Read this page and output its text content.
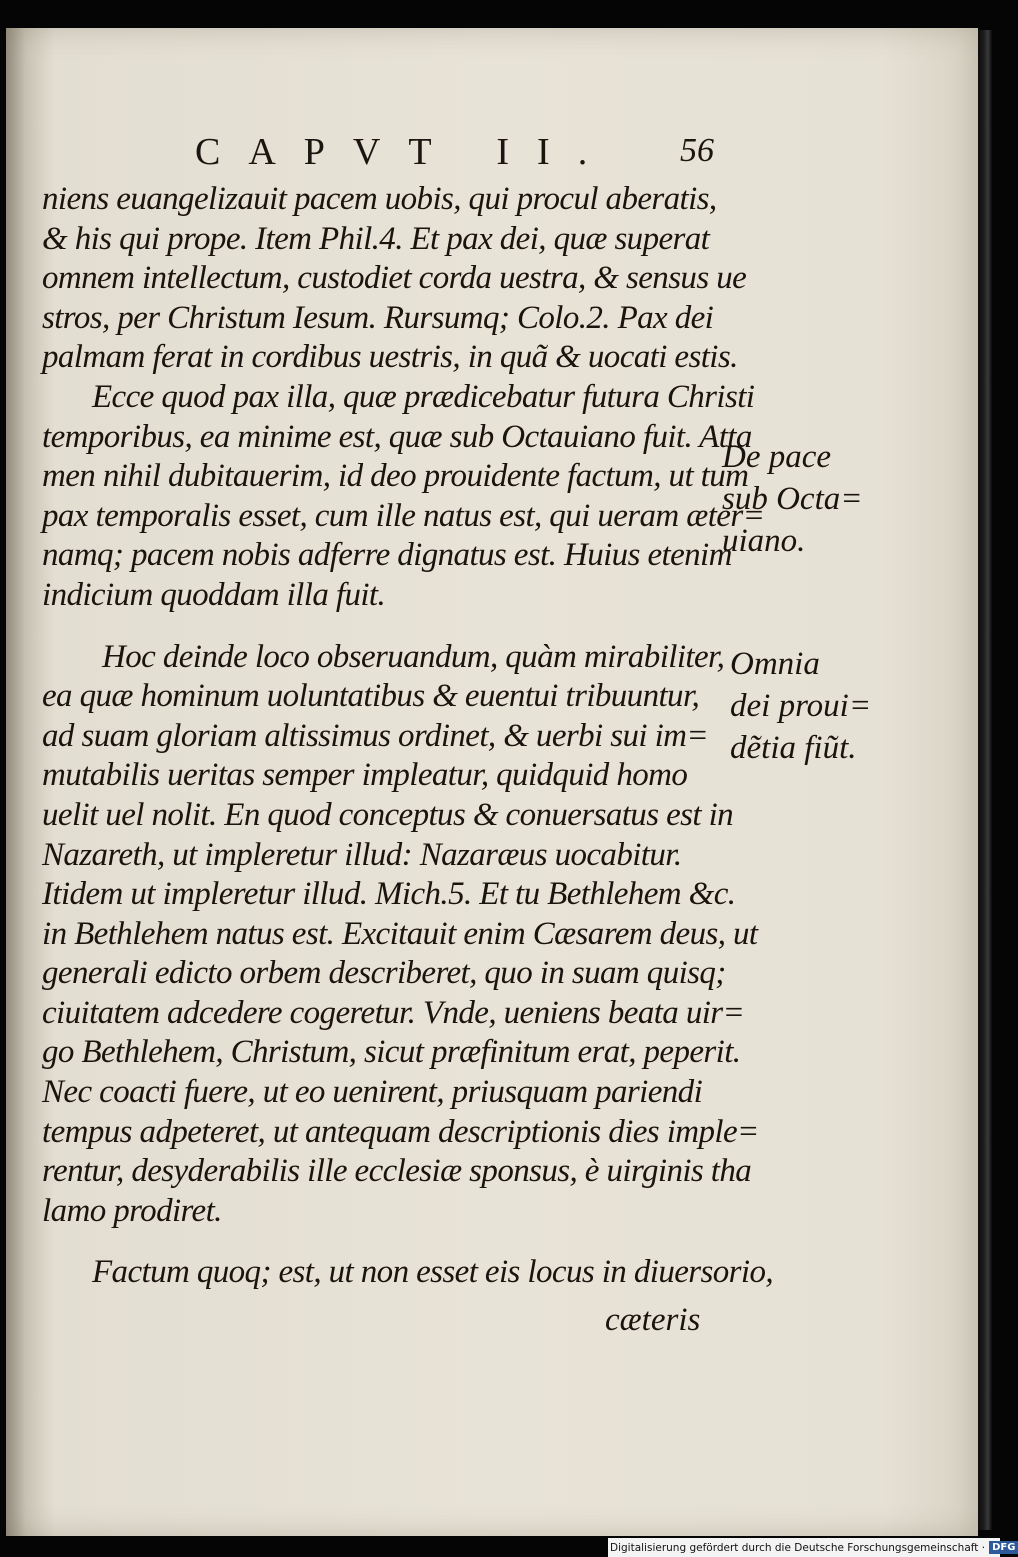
CAPVT II. 56
niens euangelizauit pacem uobis, qui procul aberatis,
& his qui prope. Item Phil.4. Et pax dei, quæ superat
omnem intellectum, custodiet corda uestra, & sensus ue
stros, per Christum Iesum. Rursumq; Colo.2. Pax dei
palmam ferat in cordibus uestris, in quã & uocati estis.
Ecce quod pax illa, quæ prædicebatur futura Christi
temporibus, ea minime est, quæ sub Octauiano fuit. Atta
men nihil dubitauerim, id deo prouidente factum, ut tum
pax temporalis esset, cum ille natus est, qui ueram æter=
namq; pacem nobis adferre dignatus est. Huius etenim
indicium quoddam illa fuit.
Hoc deinde loco obseruandum, quàm mirabiliter,
ea quæ hominum uoluntatibus & euentui tribuuntur,
ad suam gloriam altissimus ordinet, & uerbi sui im=
mutabilis ueritas semper impleatur, quidquid homo
uelit uel nolit. En quod conceptus & conuersatus est in
Nazareth, ut impleretur illud: Nazaræus uocabitur.
Itidem ut impleretur illud. Mich.5. Et tu Bethlehem &c.
in Bethlehem natus est. Excitauit enim Cæsarem deus, ut
generali edicto orbem describeret, quo in suam quisq;
ciuitatem adcedere cogeretur. Vnde, ueniens beata uir=
go Bethlehem, Christum, sicut præfinitum erat, peperit.
Nec coacti fuere, ut eo uenirent, priusquam pariendi
tempus adpeteret, ut antequam descriptionis dies imple=
rentur, desyderabilis ille ecclesiæ sponsus, è uirginis tha
lamo prodiret.
Factum quoq; est, ut non esset eis locus in diuersorio,
De pace
sub Octa=
uiano.
Omnia
dei proui=
dẽtia fiũt.
cæteris
Digitalisierung gefördert durch die Deutsche Forschungsgemeinschaft · DFG
